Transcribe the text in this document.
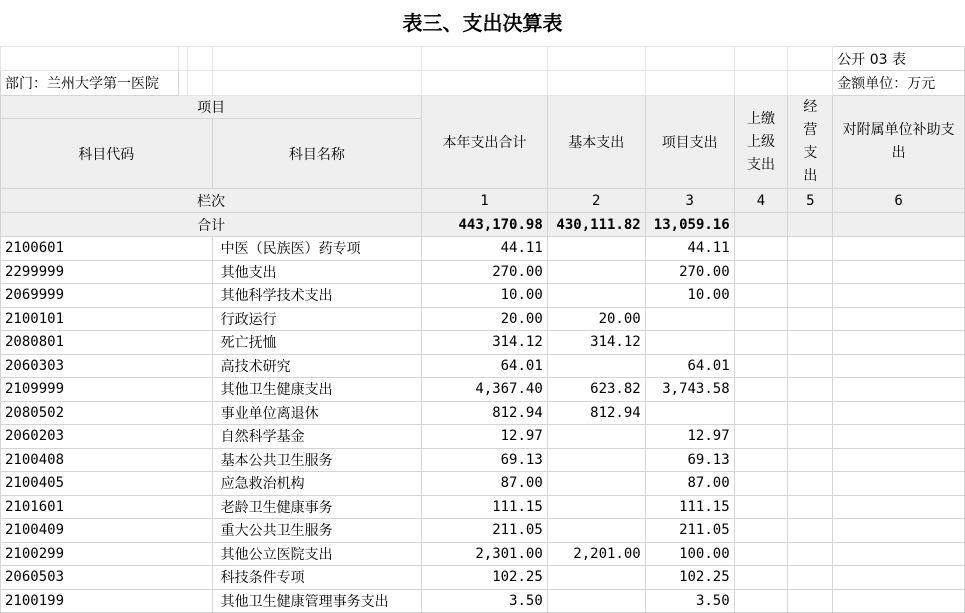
表三、支出决算表
									公开 03 表
部门：兰州大学第一医院									金额单位：万元
项目				本年支出合计	基本支出	项目支出	上缴上级支出	经营支出	对附属单位补助支出
科目代码			科目名称						
栏次				1	2	3	4	5	6
合计				443,170.98	430,111.82	13,059.16			
2100601			中医（民族医）药专项	44.11		44.11			
2299999			其他支出	270.00		270.00			
2069999			其他科学技术支出	10.00		10.00			
2100101			行政运行	20.00	20.00				
2080801			死亡抚恤	314.12	314.12				
2060303			高技术研究	64.01		64.01			
2109999			其他卫生健康支出	4,367.40	623.82	3,743.58			
2080502			事业单位离退休	812.94	812.94				
2060203			自然科学基金	12.97		12.97			
2100408			基本公共卫生服务	69.13		69.13			
2100405			应急救治机构	87.00		87.00			
2101601			老龄卫生健康事务	111.15		111.15			
2100409			重大公共卫生服务	211.05		211.05			
2100299			其他公立医院支出	2,301.00	2,201.00	100.00			
2060503			科技条件专项	102.25		102.25			
2100199			其他卫生健康管理事务支出	3.50		3.50			
